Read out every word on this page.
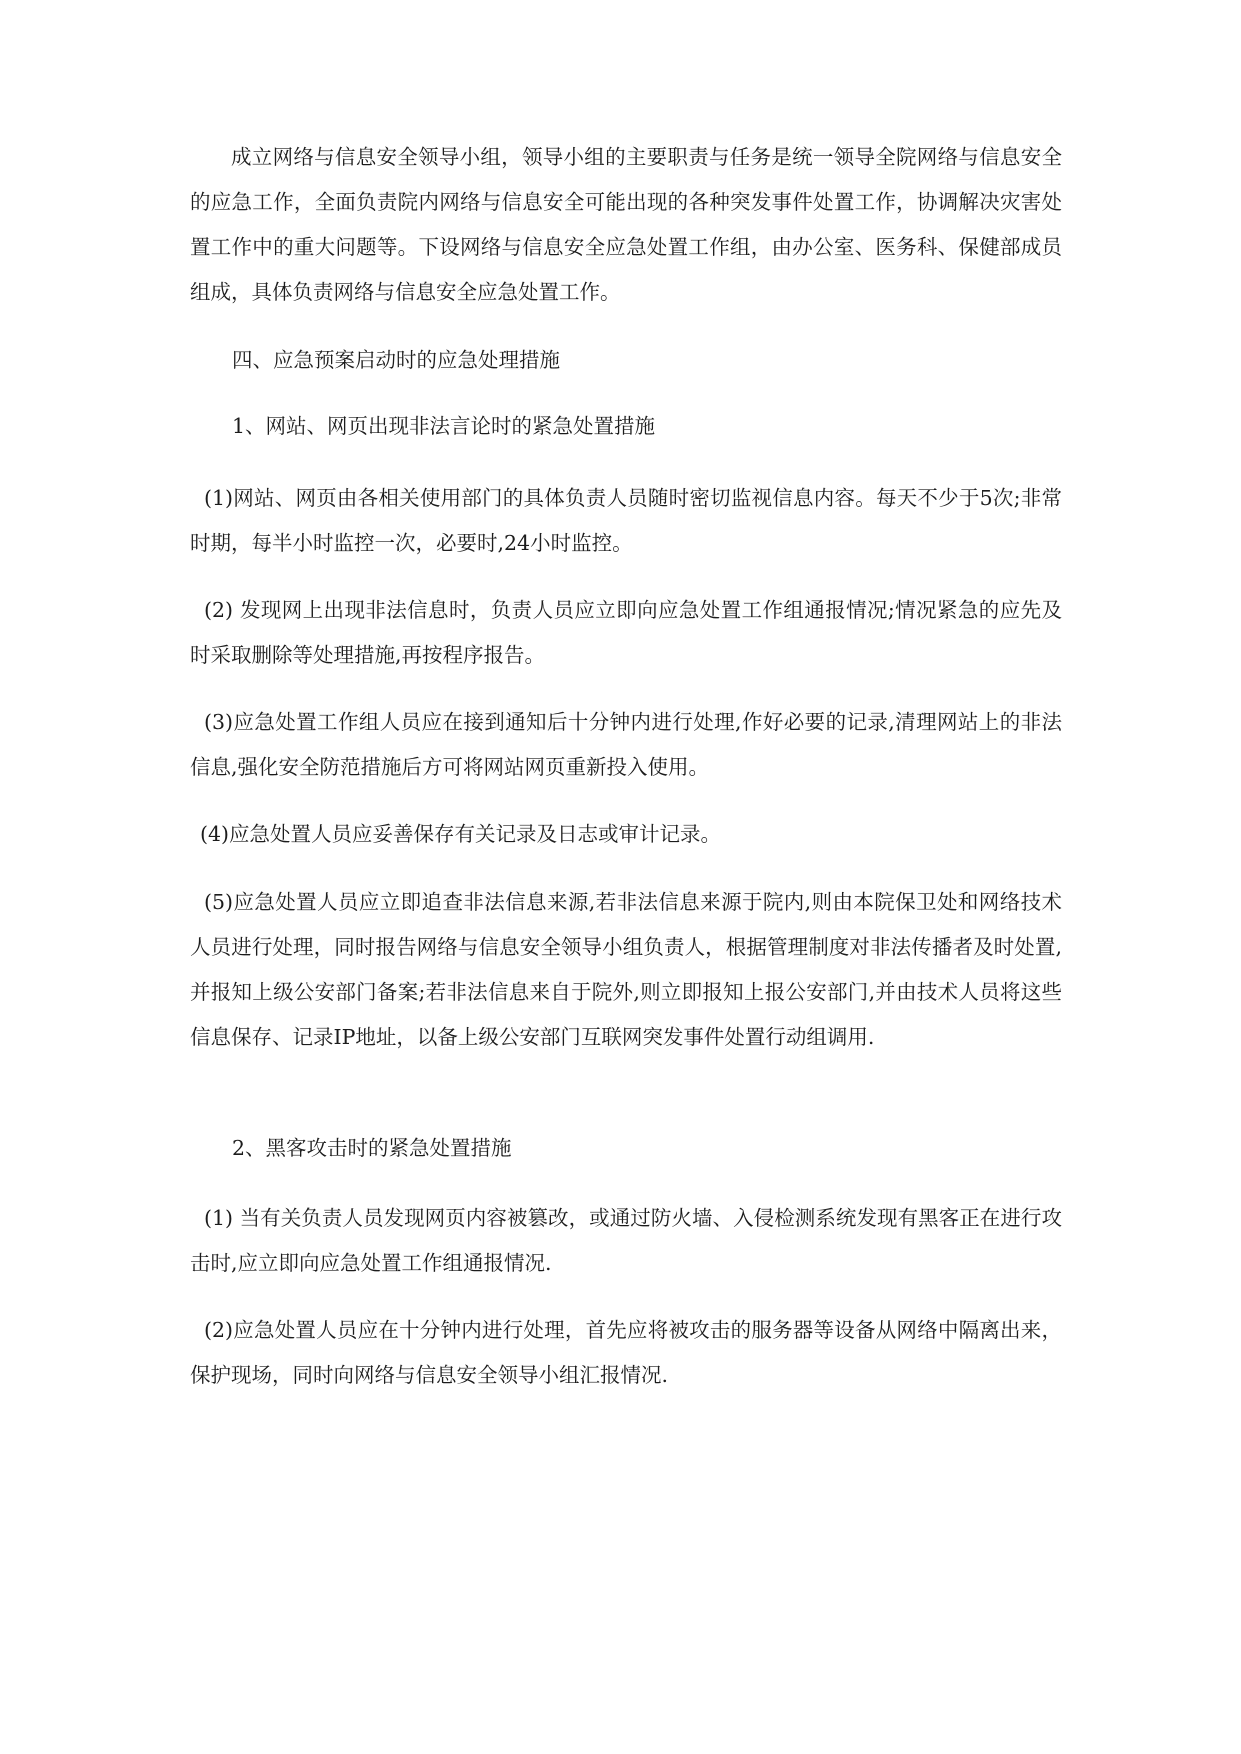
成立网络与信息安全领导小组，领导小组的主要职责与任务是统一领导全院网络与信息安全的应急工作，全面负责院内网络与信息安全可能出现的各种突发事件处置工作，协调解决灾害处置工作中的重大问题等。下设网络与信息安全应急处置工作组，由办公室、医务科、保健部成员组成，具体负责网络与信息安全应急处置工作。

四、应急预案启动时的应急处理措施

1、网站、网页出现非法言论时的紧急处置措施

(1)网站、网页由各相关使用部门的具体负责人员随时密切监视信息内容。每天不少于5次;非常时期，每半小时监控一次，必要时,24小时监控。

(2) 发现网上出现非法信息时，负责人员应立即向应急处置工作组通报情况;情况紧急的应先及时采取删除等处理措施,再按程序报告。

(3)应急处置工作组人员应在接到通知后十分钟内进行处理,作好必要的记录,清理网站上的非法信息,强化安全防范措施后方可将网站网页重新投入使用。

(4)应急处置人员应妥善保存有关记录及日志或审计记录。

(5)应急处置人员应立即追查非法信息来源,若非法信息来源于院内,则由本院保卫处和网络技术人员进行处理，同时报告网络与信息安全领导小组负责人，根据管理制度对非法传播者及时处置,并报知上级公安部门备案;若非法信息来自于院外,则立即报知上报公安部门,并由技术人员将这些信息保存、记录IP地址，以备上级公安部门互联网突发事件处置行动组调用.

2、黑客攻击时的紧急处置措施

(1) 当有关负责人员发现网页内容被篡改，或通过防火墙、入侵检测系统发现有黑客正在进行攻击时,应立即向应急处置工作组通报情况.

(2)应急处置人员应在十分钟内进行处理，首先应将被攻击的服务器等设备从网络中隔离出来，保护现场，同时向网络与信息安全领导小组汇报情况.
